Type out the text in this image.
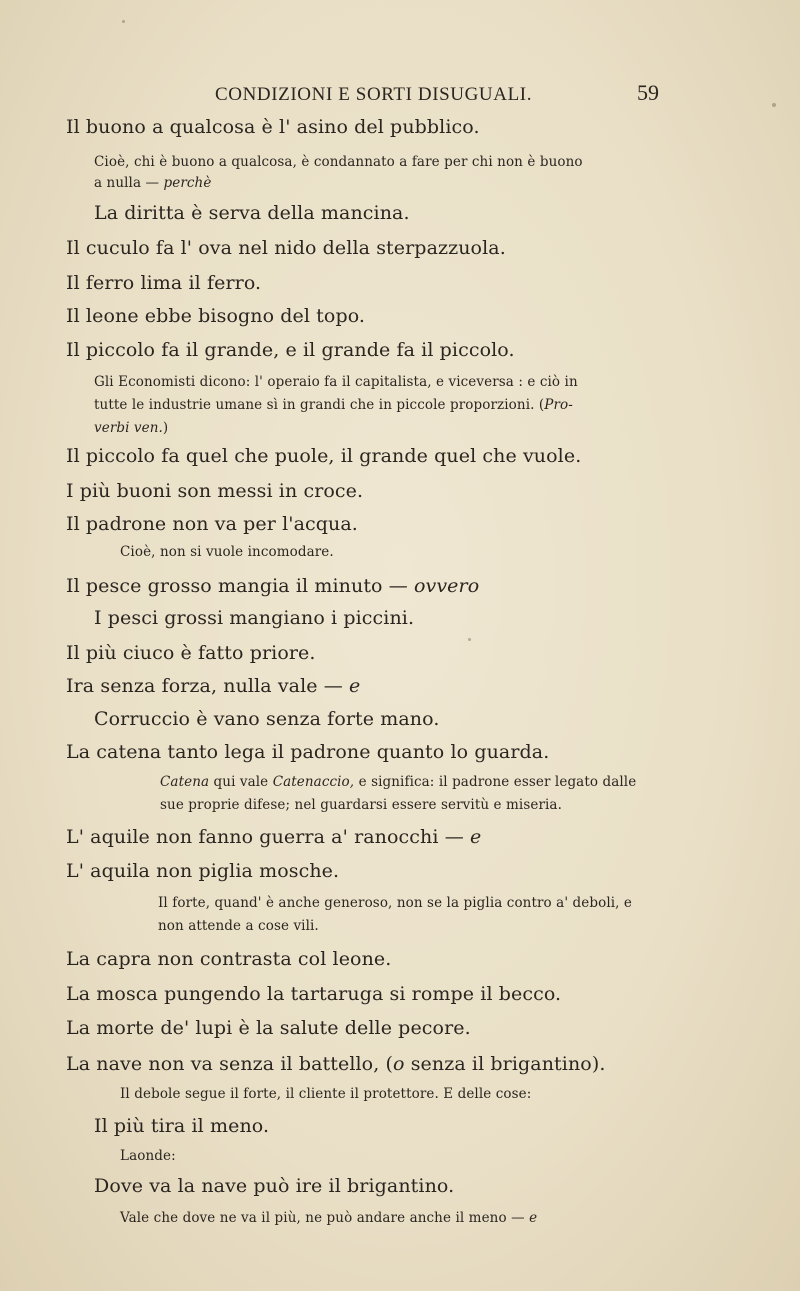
CONDIZIONI E SORTI DISUGUALI.	59
Il buono a qualcosa è l' asino del pubblico.
Cioè, chi è buono a qualcosa, è condannato a fare per chi non è buono
a nulla — perchè
La diritta è serva della mancina.
Il cuculo fa l' ova nel nido della sterpazzuola.
Il ferro lima il ferro.
Il leone ebbe bisogno del topo.
Il piccolo fa il grande, e il grande fa il piccolo.
Gli Economisti dicono: l' operaio fa il capitalista, e viceversa : e ciò in
tutte le industrie umane sì in grandi che in piccole proporzioni. (Pro-
verbi ven.)
Il piccolo fa quel che puole, il grande quel che vuole.
I più buoni son messi in croce.
Il padrone non va per l'acqua.
Cioè, non si vuole incomodare.
Il pesce grosso mangia il minuto — ovvero
I pesci grossi mangiano i piccini.
Il più ciuco è fatto priore.
Ira senza forza, nulla vale — e
Corruccio è vano senza forte mano.
La catena tanto lega il padrone quanto lo guarda.
Catena qui vale Catenaccio, e significa: il padrone esser legato dalle
sue proprie difese; nel guardarsi essere servitù e miseria.
L' aquile non fanno guerra a' ranocchi — e
L' aquila non piglia mosche.
Il forte, quand' è anche generoso, non se la piglia contro a' deboli, e
non attende a cose vili.
La capra non contrasta col leone.
La mosca pungendo la tartaruga si rompe il becco.
La morte de' lupi è la salute delle pecore.
La nave non va senza il battello, (o senza il brigantino).
Il debole segue il forte, il cliente il protettore. E delle cose:
Il più tira il meno.
Laonde:
Dove va la nave può ire il brigantino.
Vale che dove ne va il più, ne può andare anche il meno — e
